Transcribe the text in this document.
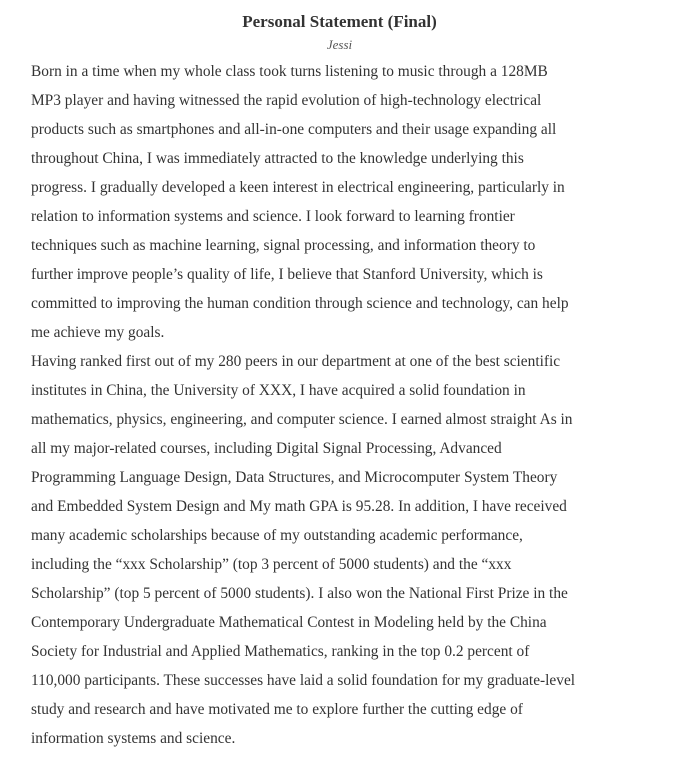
Personal Statement (Final)
Jessi

Born in a time when my whole class took turns listening to music through a 128MB
MP3 player and having witnessed the rapid evolution of high-technology electrical
products such as smartphones and all-in-one computers and their usage expanding all
throughout China, I was immediately attracted to the knowledge underlying this
progress. I gradually developed a keen interest in electrical engineering, particularly in
relation to information systems and science. I look forward to learning frontier
techniques such as machine learning, signal processing, and information theory to
further improve people’s quality of life, I believe that Stanford University, which is
committed to improving the human condition through science and technology, can help
me achieve my goals.

Having ranked first out of my 280 peers in our department at one of the best scientific
institutes in China, the University of XXX, I have acquired a solid foundation in
mathematics, physics, engineering, and computer science. I earned almost straight As in
all my major-related courses, including Digital Signal Processing, Advanced
Programming Language Design, Data Structures, and Microcomputer System Theory
and Embedded System Design and My math GPA is 95.28. In addition, I have received
many academic scholarships because of my outstanding academic performance,
including the “xxx Scholarship” (top 3 percent of 5000 students) and the “xxx
Scholarship” (top 5 percent of 5000 students). I also won the National First Prize in the
Contemporary Undergraduate Mathematical Contest in Modeling held by the China
Society for Industrial and Applied Mathematics, ranking in the top 0.2 percent of
110,000 participants. These successes have laid a solid foundation for my graduate-level
study and research and have motivated me to explore further the cutting edge of
information systems and science.
